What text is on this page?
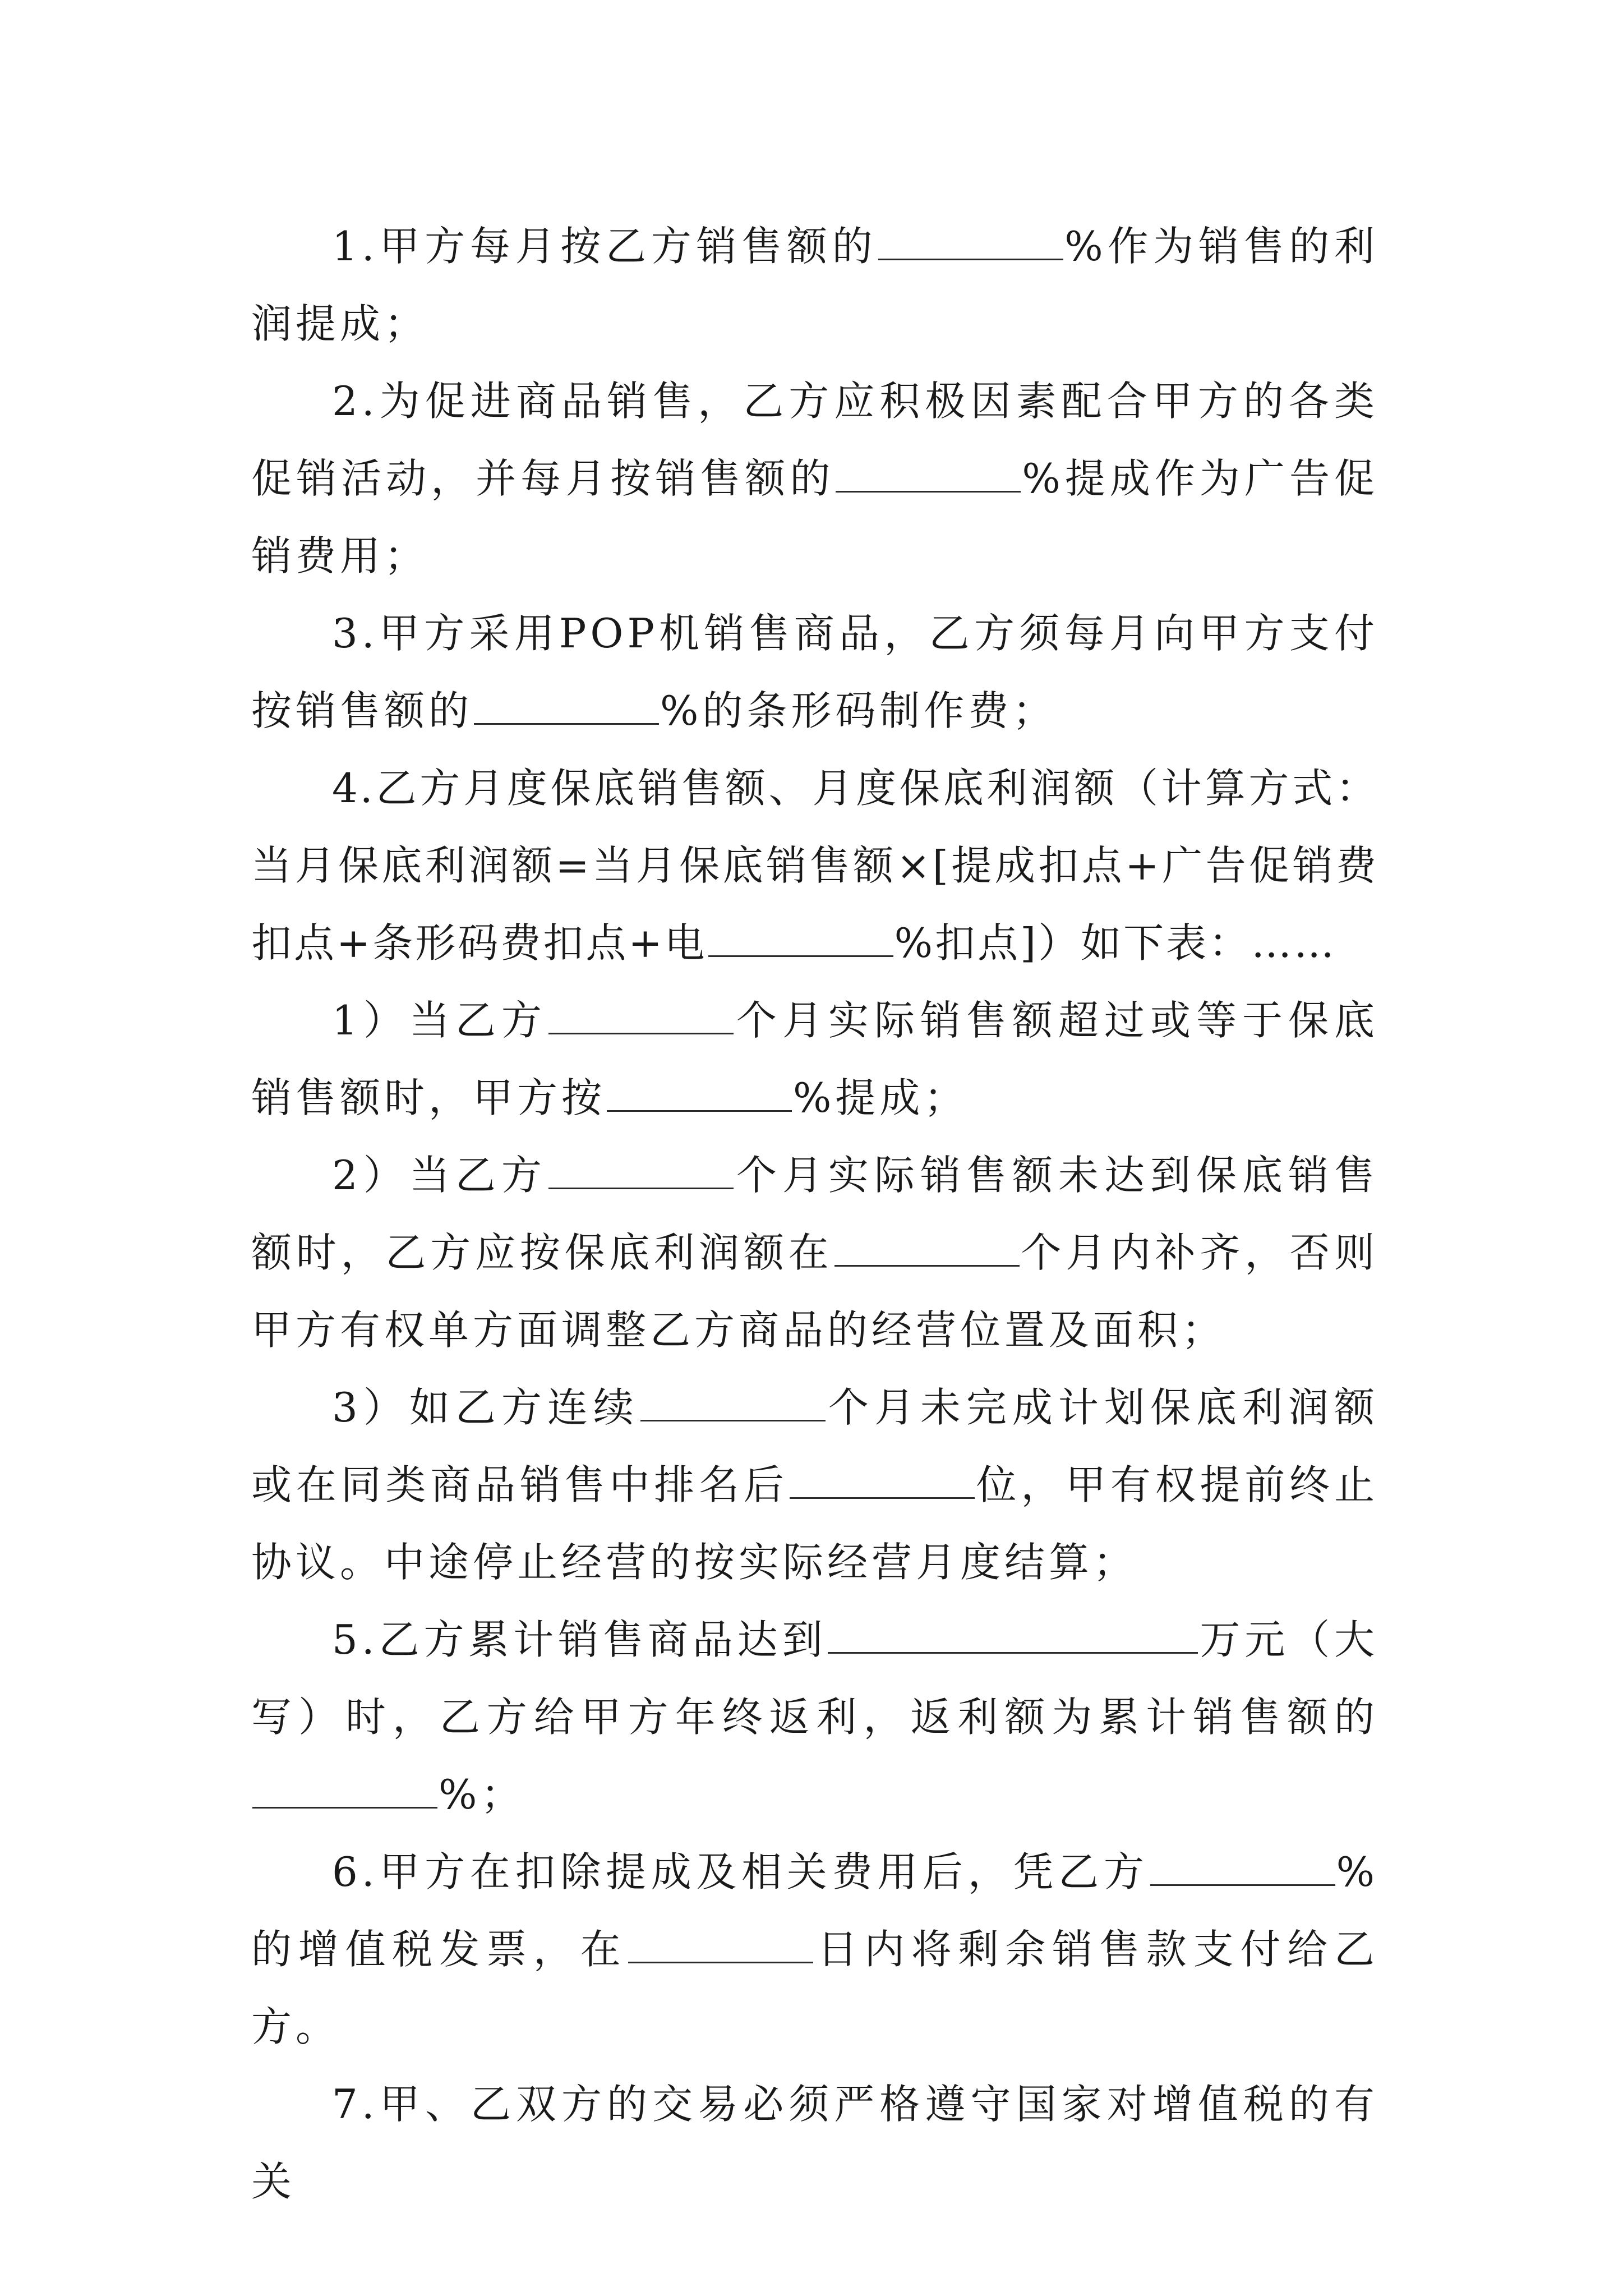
1.甲方每月按乙方销售额的	%作为销售的利润提成；

2.为促进商品销售，乙方应积极因素配合甲方的各类促销活动，并每月按销售额的	%提成作为广告促销费用；

3.甲方采用POP机销售商品，乙方须每月向甲方支付按销售额的	%的条形码制作费；

4.乙方月度保底销售额、月度保底利润额（计算方式：当月保底利润额=当月保底销售额×[提成扣点+广告促销费扣点+条形码费扣点+电	%扣点]）如下表：……

1）当乙方	个月实际销售额超过或等于保底销售额时，甲方按	%提成；

2）当乙方	个月实际销售额未达到保底销售额时，乙方应按保底利润额在	个月内补齐，否则甲方有权单方面调整乙方商品的经营位置及面积；

3）如乙方连续	个月未完成计划保底利润额或在同类商品销售中排名后	位，甲有权提前终止协议。中途停止经营的按实际经营月度结算；

5.乙方累计销售商品达到	万元（大写）时，乙方给甲方年终返利，返利额为累计销售额的%；

6.甲方在扣除提成及相关费用后，凭乙方	%的增值税发票，在	日内将剩余销售款支付给乙方。

7.甲、乙双方的交易必须严格遵守国家对增值税的有关
